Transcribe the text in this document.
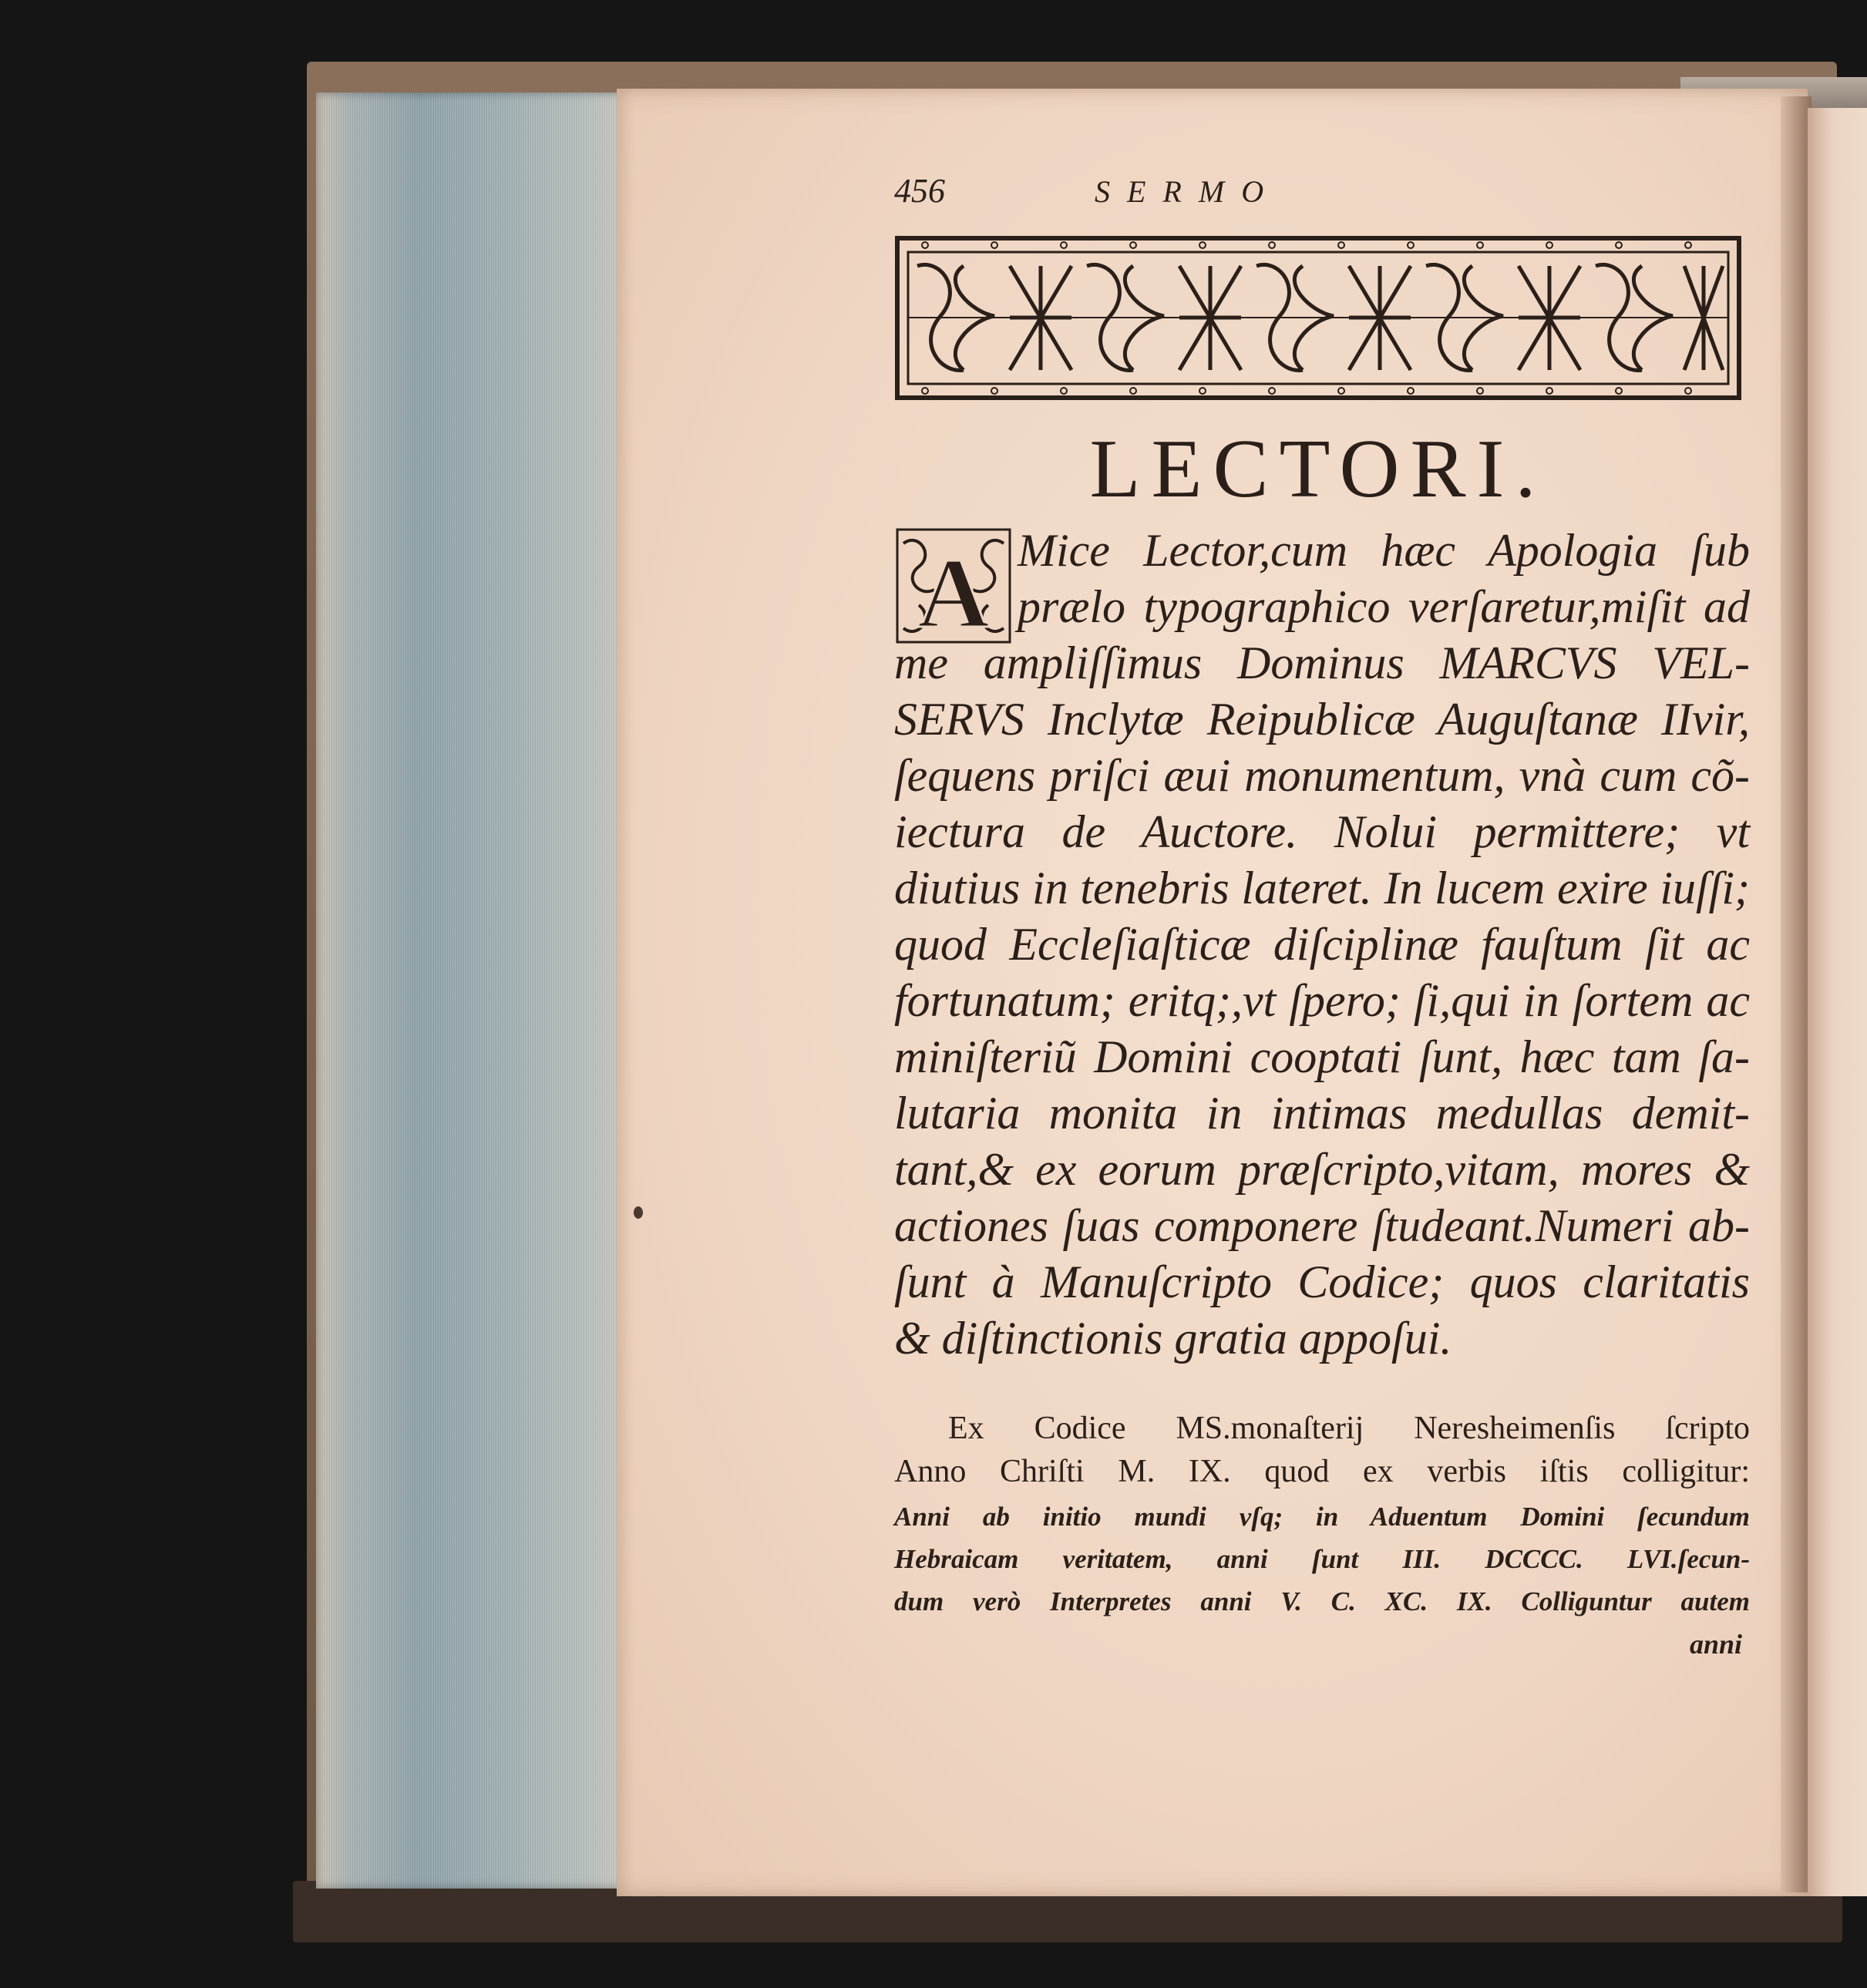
456	SERMO
LECTORI.
A Mice Lector,cum hæc Apologia ſub
prælo typographico verſaretur,miſit ad
me ampliſſimus Dominus MARCVS VEL-
SERVS Inclytæ Reipublicæ Auguſtanæ IIvir,
ſequens priſci æui monumentum, vnà cum cõ-
iectura de Auctore. Nolui permittere; vt
diutius in tenebris lateret. In lucem exire iuſſi;
quod Eccleſiaſticæ diſciplinæ fauſtum ſit ac
fortunatum; eritq;,vt ſpero; ſi,qui in ſortem ac
miniſteriũ Domini cooptati ſunt, hæc tam ſa-
lutaria monita in intimas medullas demit-
tant,& ex eorum præſcripto,vitam, mores &
actiones ſuas componere ſtudeant.Numeri ab-
ſunt à Manuſcripto Codice; quos claritatis
& diſtinctionis gratia appoſui.
Ex Codice MS.monaſterij Neresheimenſis ſcripto
Anno Chriſti M. IX. quod ex verbis iſtis colligitur:
Anni ab initio mundi vſq; in Aduentum Domini ſecundum
Hebraicam veritatem, anni ſunt III. DCCCC. LVI.ſecun-
dum verò Interpretes anni V. C. XC. IX. Colliguntur autem
anni
